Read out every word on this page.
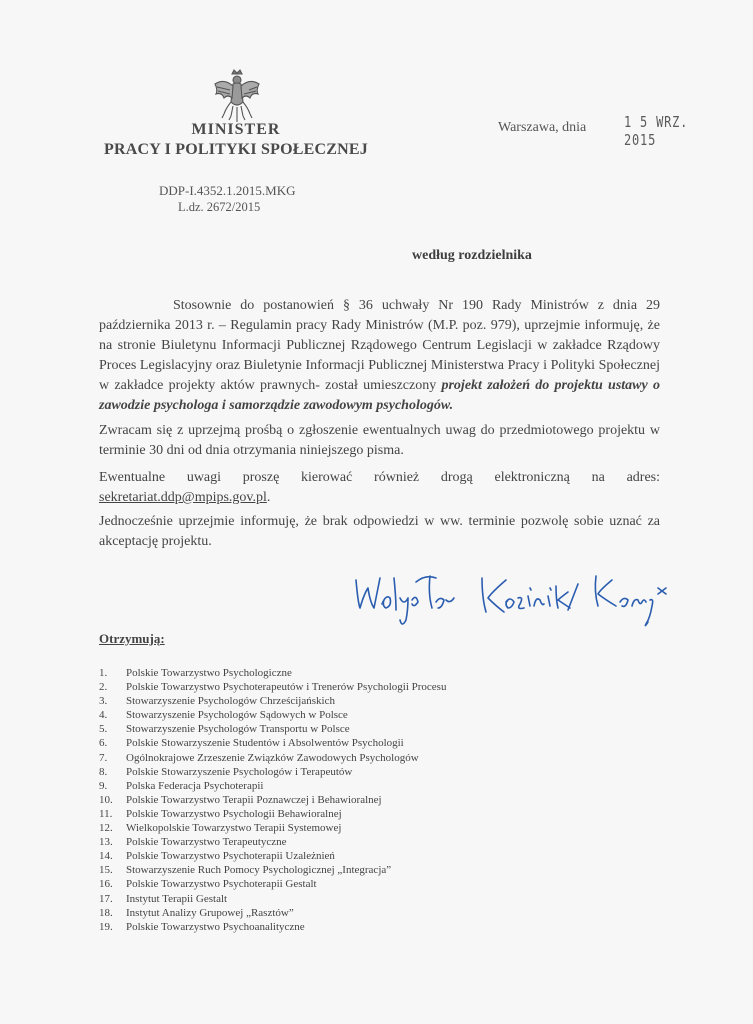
MINISTER
PRACY I POLITYKI SPOŁECZNEJ
Warszawa, dnia	1 5 WRZ. 2015
DDP-I.4352.1.2015.MKG
L.dz. 2672/2015
według rozdzielnika
Stosownie do postanowień § 36 uchwały Nr 190 Rady Ministrów z dnia 29 października 2013 r. – Regulamin pracy Rady Ministrów (M.P. poz. 979), uprzejmie informuję, że na stronie Biuletynu Informacji Publicznej Rządowego Centrum Legislacji w zakładce Rządowy Proces Legislacyjny oraz Biuletynie Informacji Publicznej Ministerstwa Pracy i Polityki Społecznej w zakładce projekty aktów prawnych- został umieszczony projekt założeń do projektu ustawy o zawodzie psychologa i samorządzie zawodowym psychologów.
Zwracam się z uprzejmą prośbą o zgłoszenie ewentualnych uwag do przedmiotowego projektu w terminie 30 dni od dnia otrzymania niniejszego pisma.
Ewentualne uwagi proszę kierować również drogą elektroniczną na adres: sekretariat.ddp@mpips.gov.pl.
Jednocześnie uprzejmie informuję, że brak odpowiedzi w ww. terminie pozwolę sobie uznać za akceptację projektu.
Otrzymują:
1.	Polskie Towarzystwo Psychologiczne
2.	Polskie Towarzystwo Psychoterapeutów i Trenerów Psychologii Procesu
3.	Stowarzyszenie Psychologów Chrześcijańskich
4.	Stowarzyszenie Psychologów Sądowych w Polsce
5.	Stowarzyszenie Psychologów Transportu w Polsce
6.	Polskie Stowarzyszenie Studentów i Absolwentów Psychologii
7.	Ogólnokrajowe Zrzeszenie Związków Zawodowych Psychologów
8.	Polskie Stowarzyszenie Psychologów i Terapeutów
9.	Polska Federacja Psychoterapii
10.	Polskie Towarzystwo Terapii Poznawczej i Behawioralnej
11.	Polskie Towarzystwo Psychologii Behawioralnej
12.	Wielkopolskie Towarzystwo Terapii Systemowej
13.	Polskie Towarzystwo Terapeutyczne
14.	Polskie Towarzystwo Psychoterapii Uzależnień
15.	Stowarzyszenie Ruch Pomocy Psychologicznej „Integracja”
16.	Polskie Towarzystwo Psychoterapii Gestalt
17.	Instytut Terapii Gestalt
18.	Instytut Analizy Grupowej „Rasztów”
19.	Polskie Towarzystwo Psychoanalityczne
